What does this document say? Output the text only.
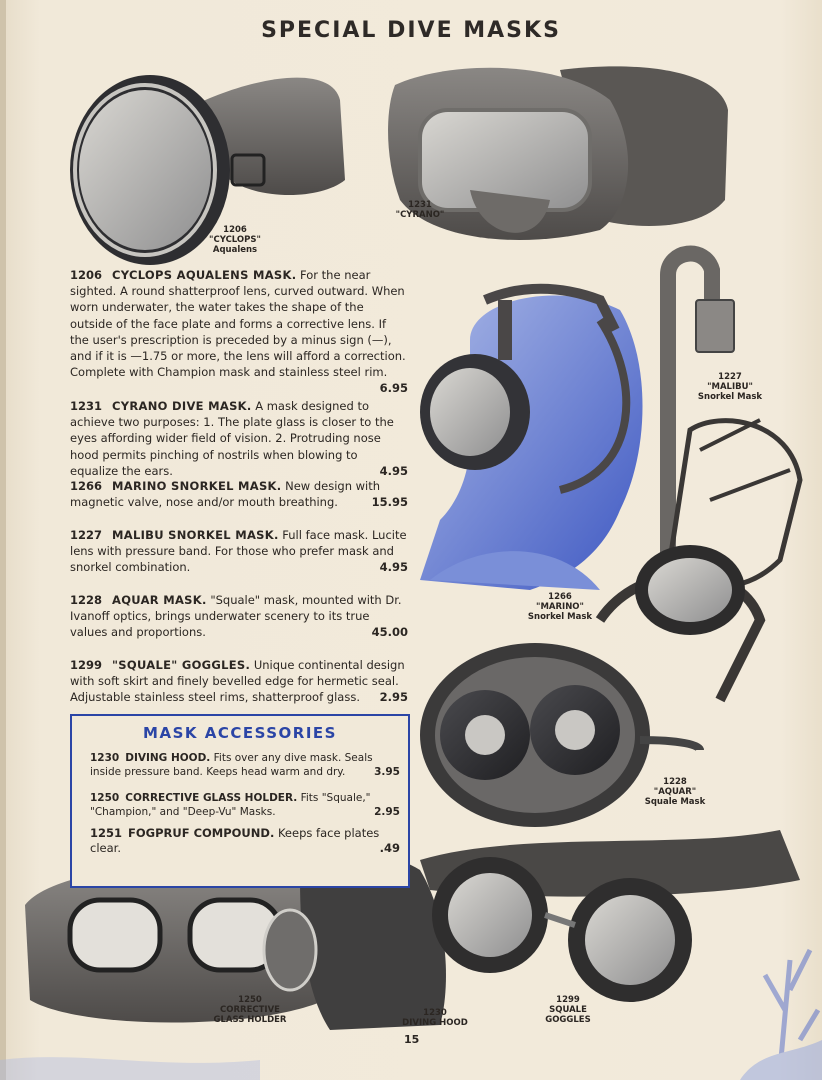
SPECIAL DIVE MASKS
1206
"CYCLOPS"
Aqualens
1231
"CYRANO"
1227
"MALIBU"
Snorkel Mask
1266
"MARINO"
Snorkel Mask
1228
"AQUAR"
Squale Mask
1250
CORRECTIVE
GLASS HOLDER
1230
DIVING HOOD
1299
SQUALE
GOGGLES

1206 CYCLOPS AQUALENS MASK. For the near sighted. A round shatterproof lens, curved outward. When worn underwater, the water takes the shape of the outside of the face plate and forms a corrective lens. If the user's prescription is preceded by a minus sign (—), and if it is —1.75 or more, the lens will afford a correction. Complete with Champion mask and stainless steel rim.
6.95

1231 CYRANO DIVE MASK. A mask designed to achieve two purposes: 1. The plate glass is closer to the eyes affording wider field of vision. 2. Protruding nose hood permits pinching of nostrils when blowing to equalize the ears.	4.95

1266 MARINO SNORKEL MASK. New design with magnetic valve, nose and/or mouth breathing.	15.95

1227 MALIBU SNORKEL MASK. Full face mask. Lucite lens with pressure band. For those who prefer mask and snorkel combination.	4.95

1228 AQUAR MASK. "Squale" mask, mounted with Dr. Ivanoff optics, brings underwater scenery to its true values and proportions.	45.00

1299 "SQUALE" GOGGLES. Unique continental design with soft skirt and finely bevelled edge for hermetic seal. Adjustable stainless steel rims, shatterproof glass. 2.95

MASK ACCESSORIES
1230 DIVING HOOD. Fits over any dive mask. Seals inside pressure band. Keeps head warm and dry.	3.95
1250 CORRECTIVE GLASS HOLDER. Fits "Squale," "Champion," and "Deep-Vu" Masks.	2.95
1251 FOGPRUF COMPOUND. Keeps face plates clear.	.49
15
